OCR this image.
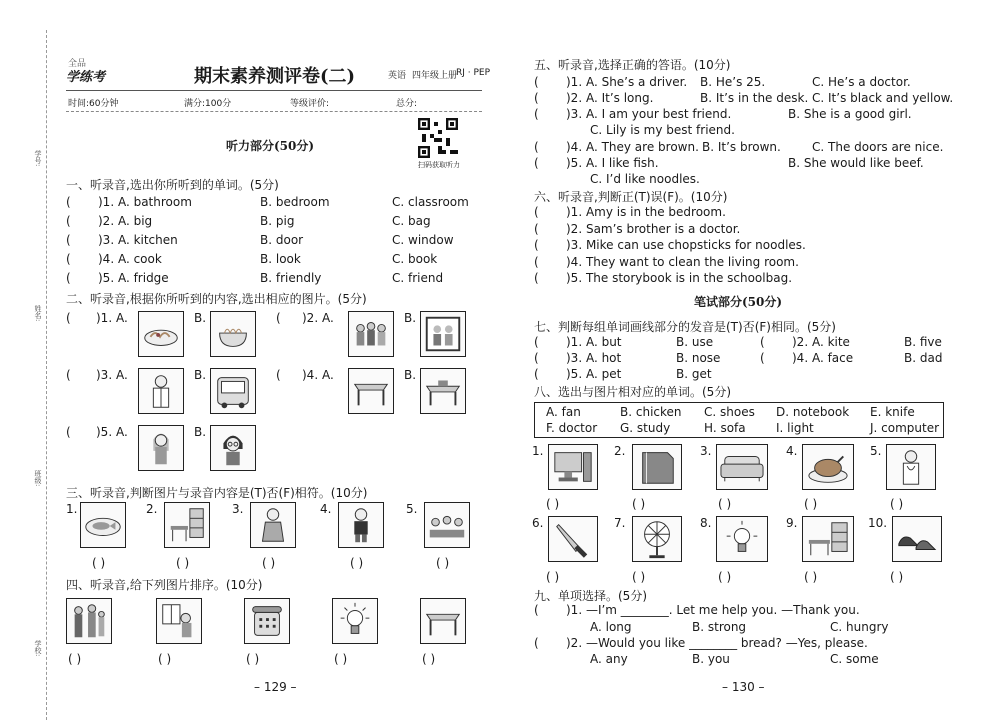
学号:
姓名:
班级:
学校:
全品
学练考	期末素养测评卷(二)	英语 四年级上册
RJ · PEP
时间:60分钟	满分:100分	等级评价:	总分:
扫码获取听力
听力部分(50分)
一、听录音,选出你所听到的单词。(5分)
( )1. A. bathroom	B. bedroom	C. classroom
( )2. A. big	B. pig	C. bag
( )3. A. kitchen	B. door	C. window
( )4. A. cook	B. look	C. book
( )5. A. fridge	B. friendly	C. friend
二、听录音,根据你所听到的内容,选出相应的图片。(5分)
( )1. A.	B.	( )2. A.	B.
( )3. A.	B.	( )4. A.	B.
( )5. A.	B.
三、听录音,判断图片与录音内容是(T)否(F)相符。(10分)
1.	2.	3.	4.	5.
( )	( )	( )	( )	( )
四、听录音,给下列图片排序。(10分)
( )	( )	( )	( )	( )
– 129 –
五、听录音,选择正确的答语。(10分)
( )1. A. She’s a driver. B. He’s 25.	C. He’s a doctor.
( )2. A. It’s long.	B. It’s in the desk. C. It’s black and yellow.
( )3. A. I am your best friend.	B. She is a good girl.
( )4. A. They are brown. B. It’s brown.	C. The doors are nice.
( )5. A. I like fish.	B. She would like beef.
C. Lily is my best friend.
C. I’d like noodles.
六、听录音,判断正(T)误(F)。(10分)
( )1. Amy is in the bedroom.
( )2. Sam’s brother is a doctor.
( )3. Mike can use chopsticks for noodles.
( )4. They want to clean the living room.
( )5. The storybook is in the schoolbag.
笔试部分(50分)
七、判断每组单词画线部分的发音是(T)否(F)相同。(5分)
( )1. A. but	B. use	( )2. A. kite	B. five
( )3. A. hot	B. nose	( )4. A. face	B. dad
( )5. A. pet	B. get
八、选出与图片相对应的单词。(5分)
A. fan	B. chicken C. shoes D. notebook E. knife
F. doctor G. study	H. sofa	I. light	J. computer
1.	2.	3.	4.	5.
( )	( )	( )	( )	( )
6.	7.	8.	9.	10.
( )	( )	( )	( )	( )
九、单项选择。(5分)
( )1. —I’m ________. Let me help you. —Thank you.
A. long	B. strong	C. hungry
( )2. —Would you like ________ bread? —Yes, please.
A. any	B. you	C. some
– 130 –
